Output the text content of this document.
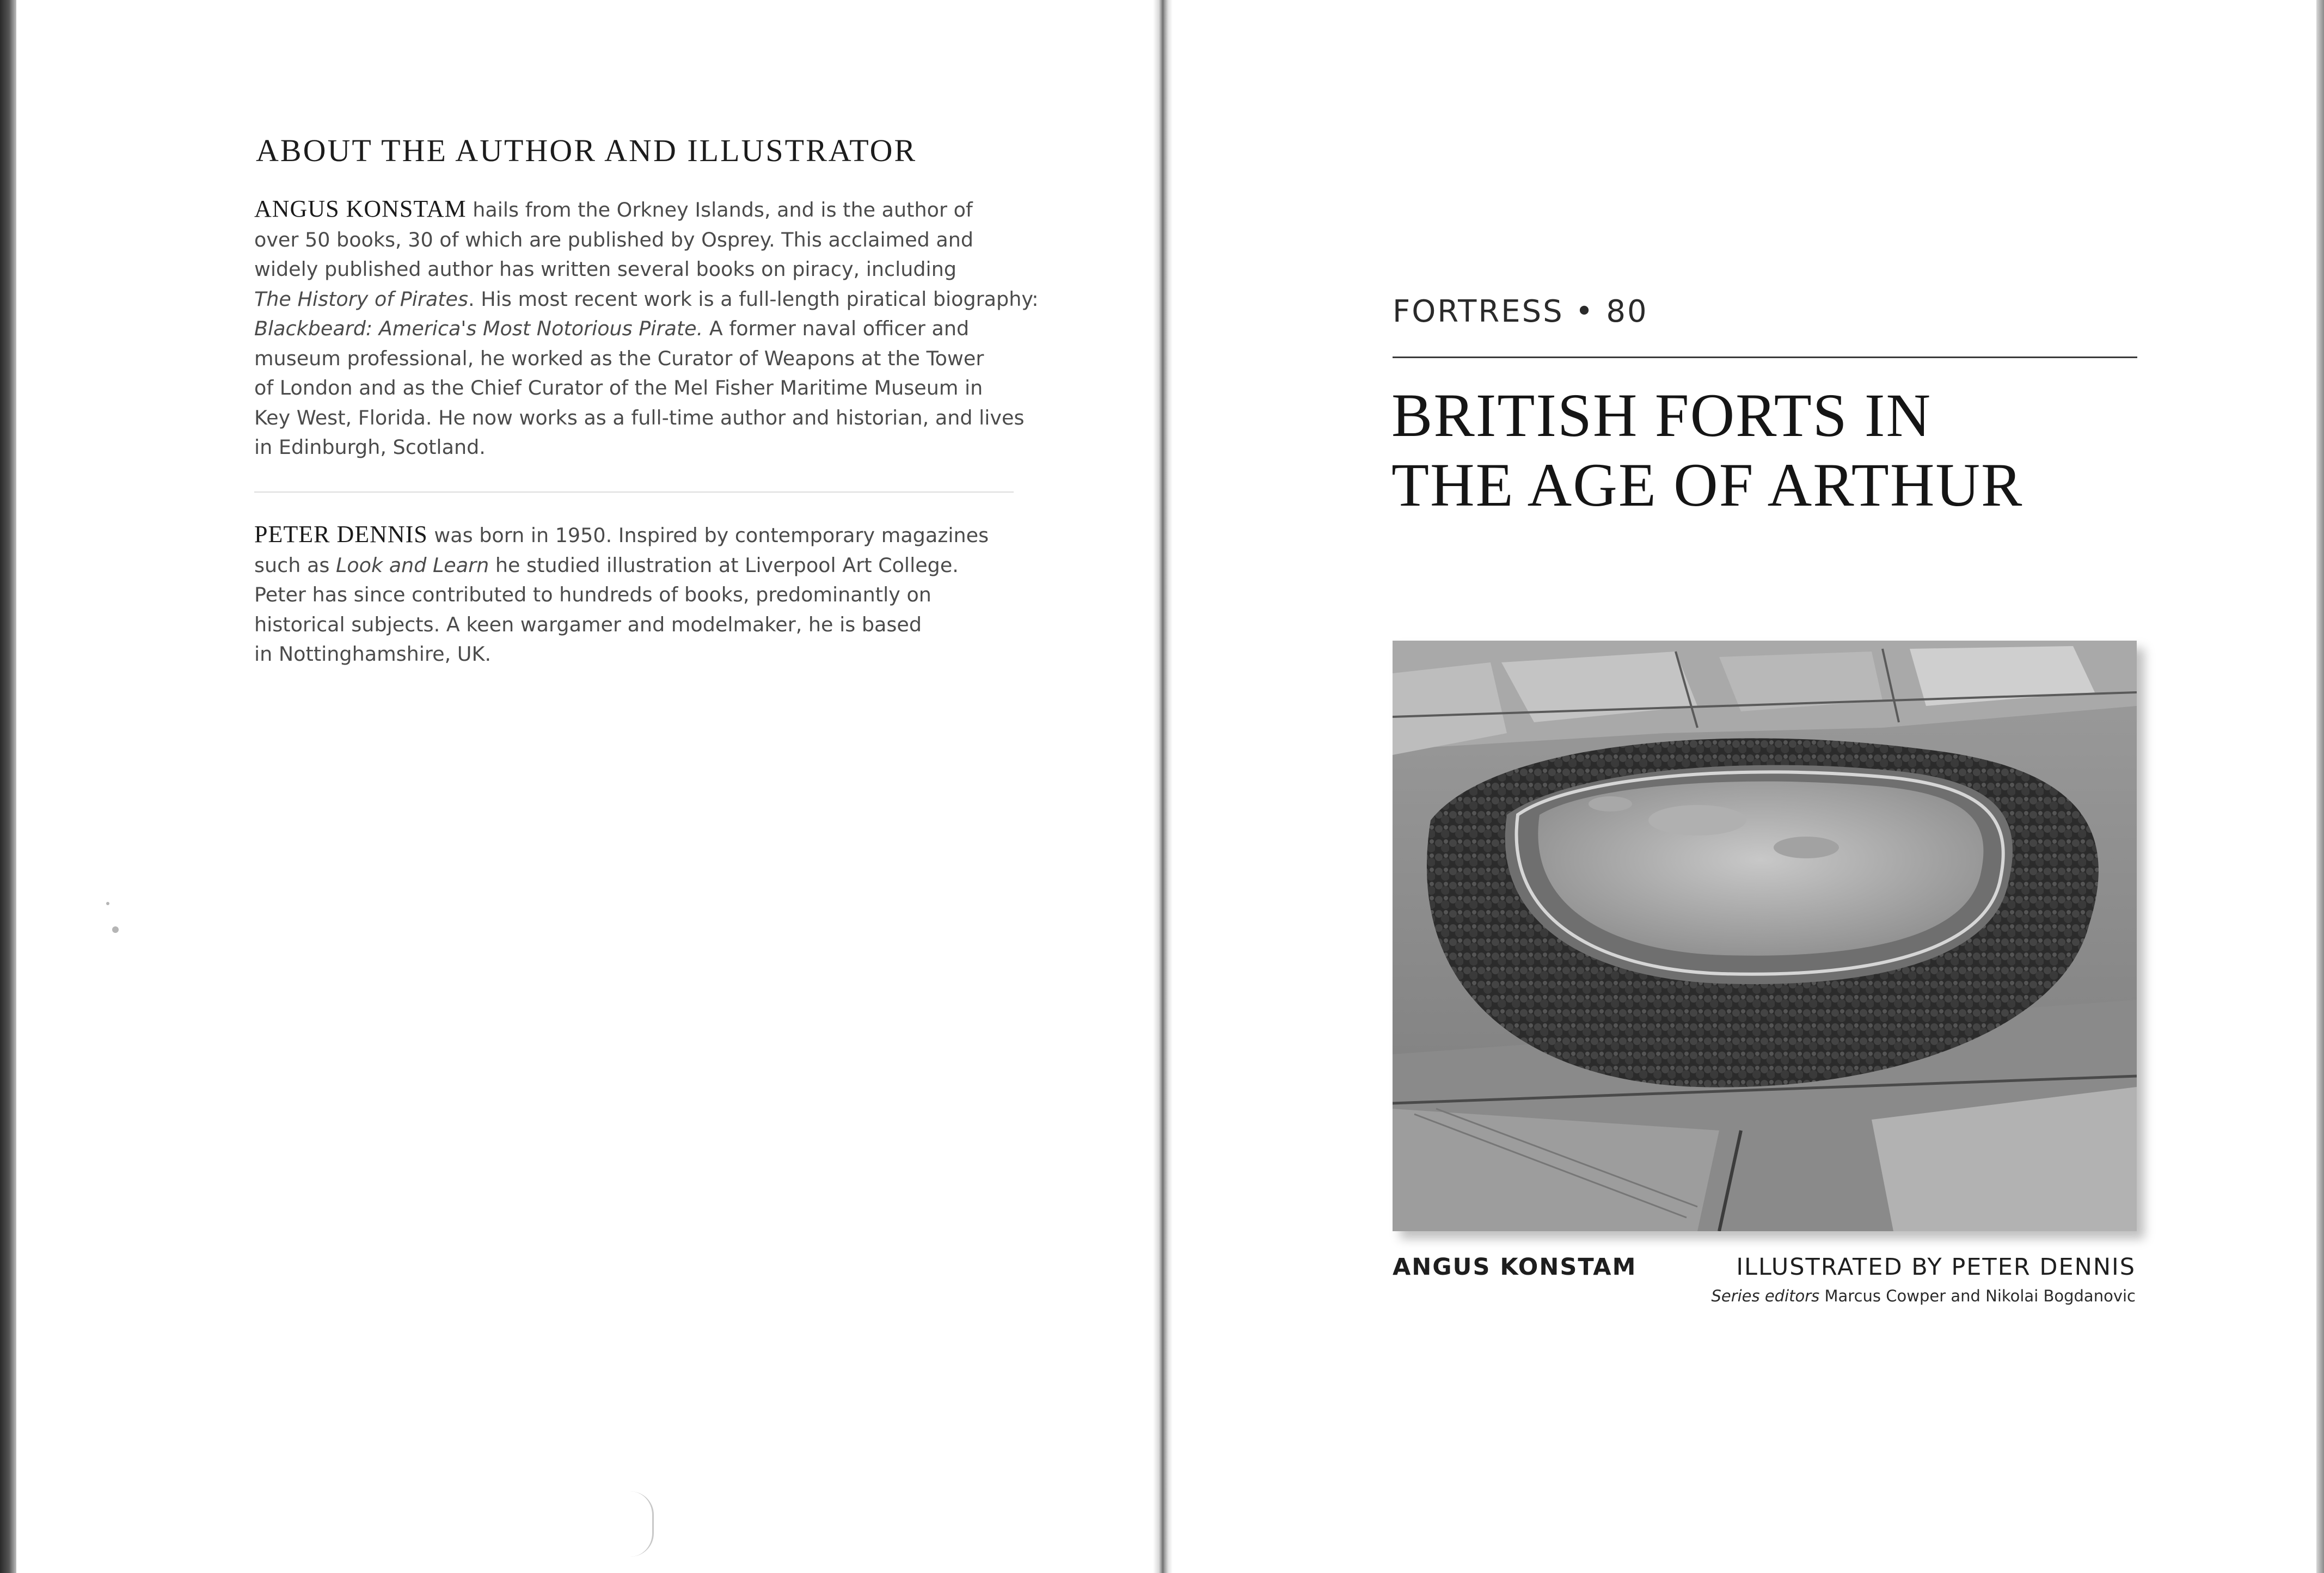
ABOUT THE AUTHOR AND ILLUSTRATOR

ANGUS KONSTAM hails from the Orkney Islands, and is the author of
over 50 books, 30 of which are published by Osprey. This acclaimed and
widely published author has written several books on piracy, including
The History of Pirates. His most recent work is a full-length piratical biography:
Blackbeard: America's Most Notorious Pirate. A former naval officer and
museum professional, he worked as the Curator of Weapons at the Tower
of London and as the Chief Curator of the Mel Fisher Maritime Museum in
Key West, Florida. He now works as a full-time author and historian, and lives
in Edinburgh, Scotland.

PETER DENNIS was born in 1950. Inspired by contemporary magazines
such as Look and Learn he studied illustration at Liverpool Art College.
Peter has since contributed to hundreds of books, predominantly on
historical subjects. A keen wargamer and modelmaker, he is based
in Nottinghamshire, UK.

FORTRESS • 80
BRITISH FORTS IN
THE AGE OF ARTHUR
ANGUS KONSTAM	ILLUSTRATED BY PETER DENNIS
Series editors Marcus Cowper and Nikolai Bogdanovic
